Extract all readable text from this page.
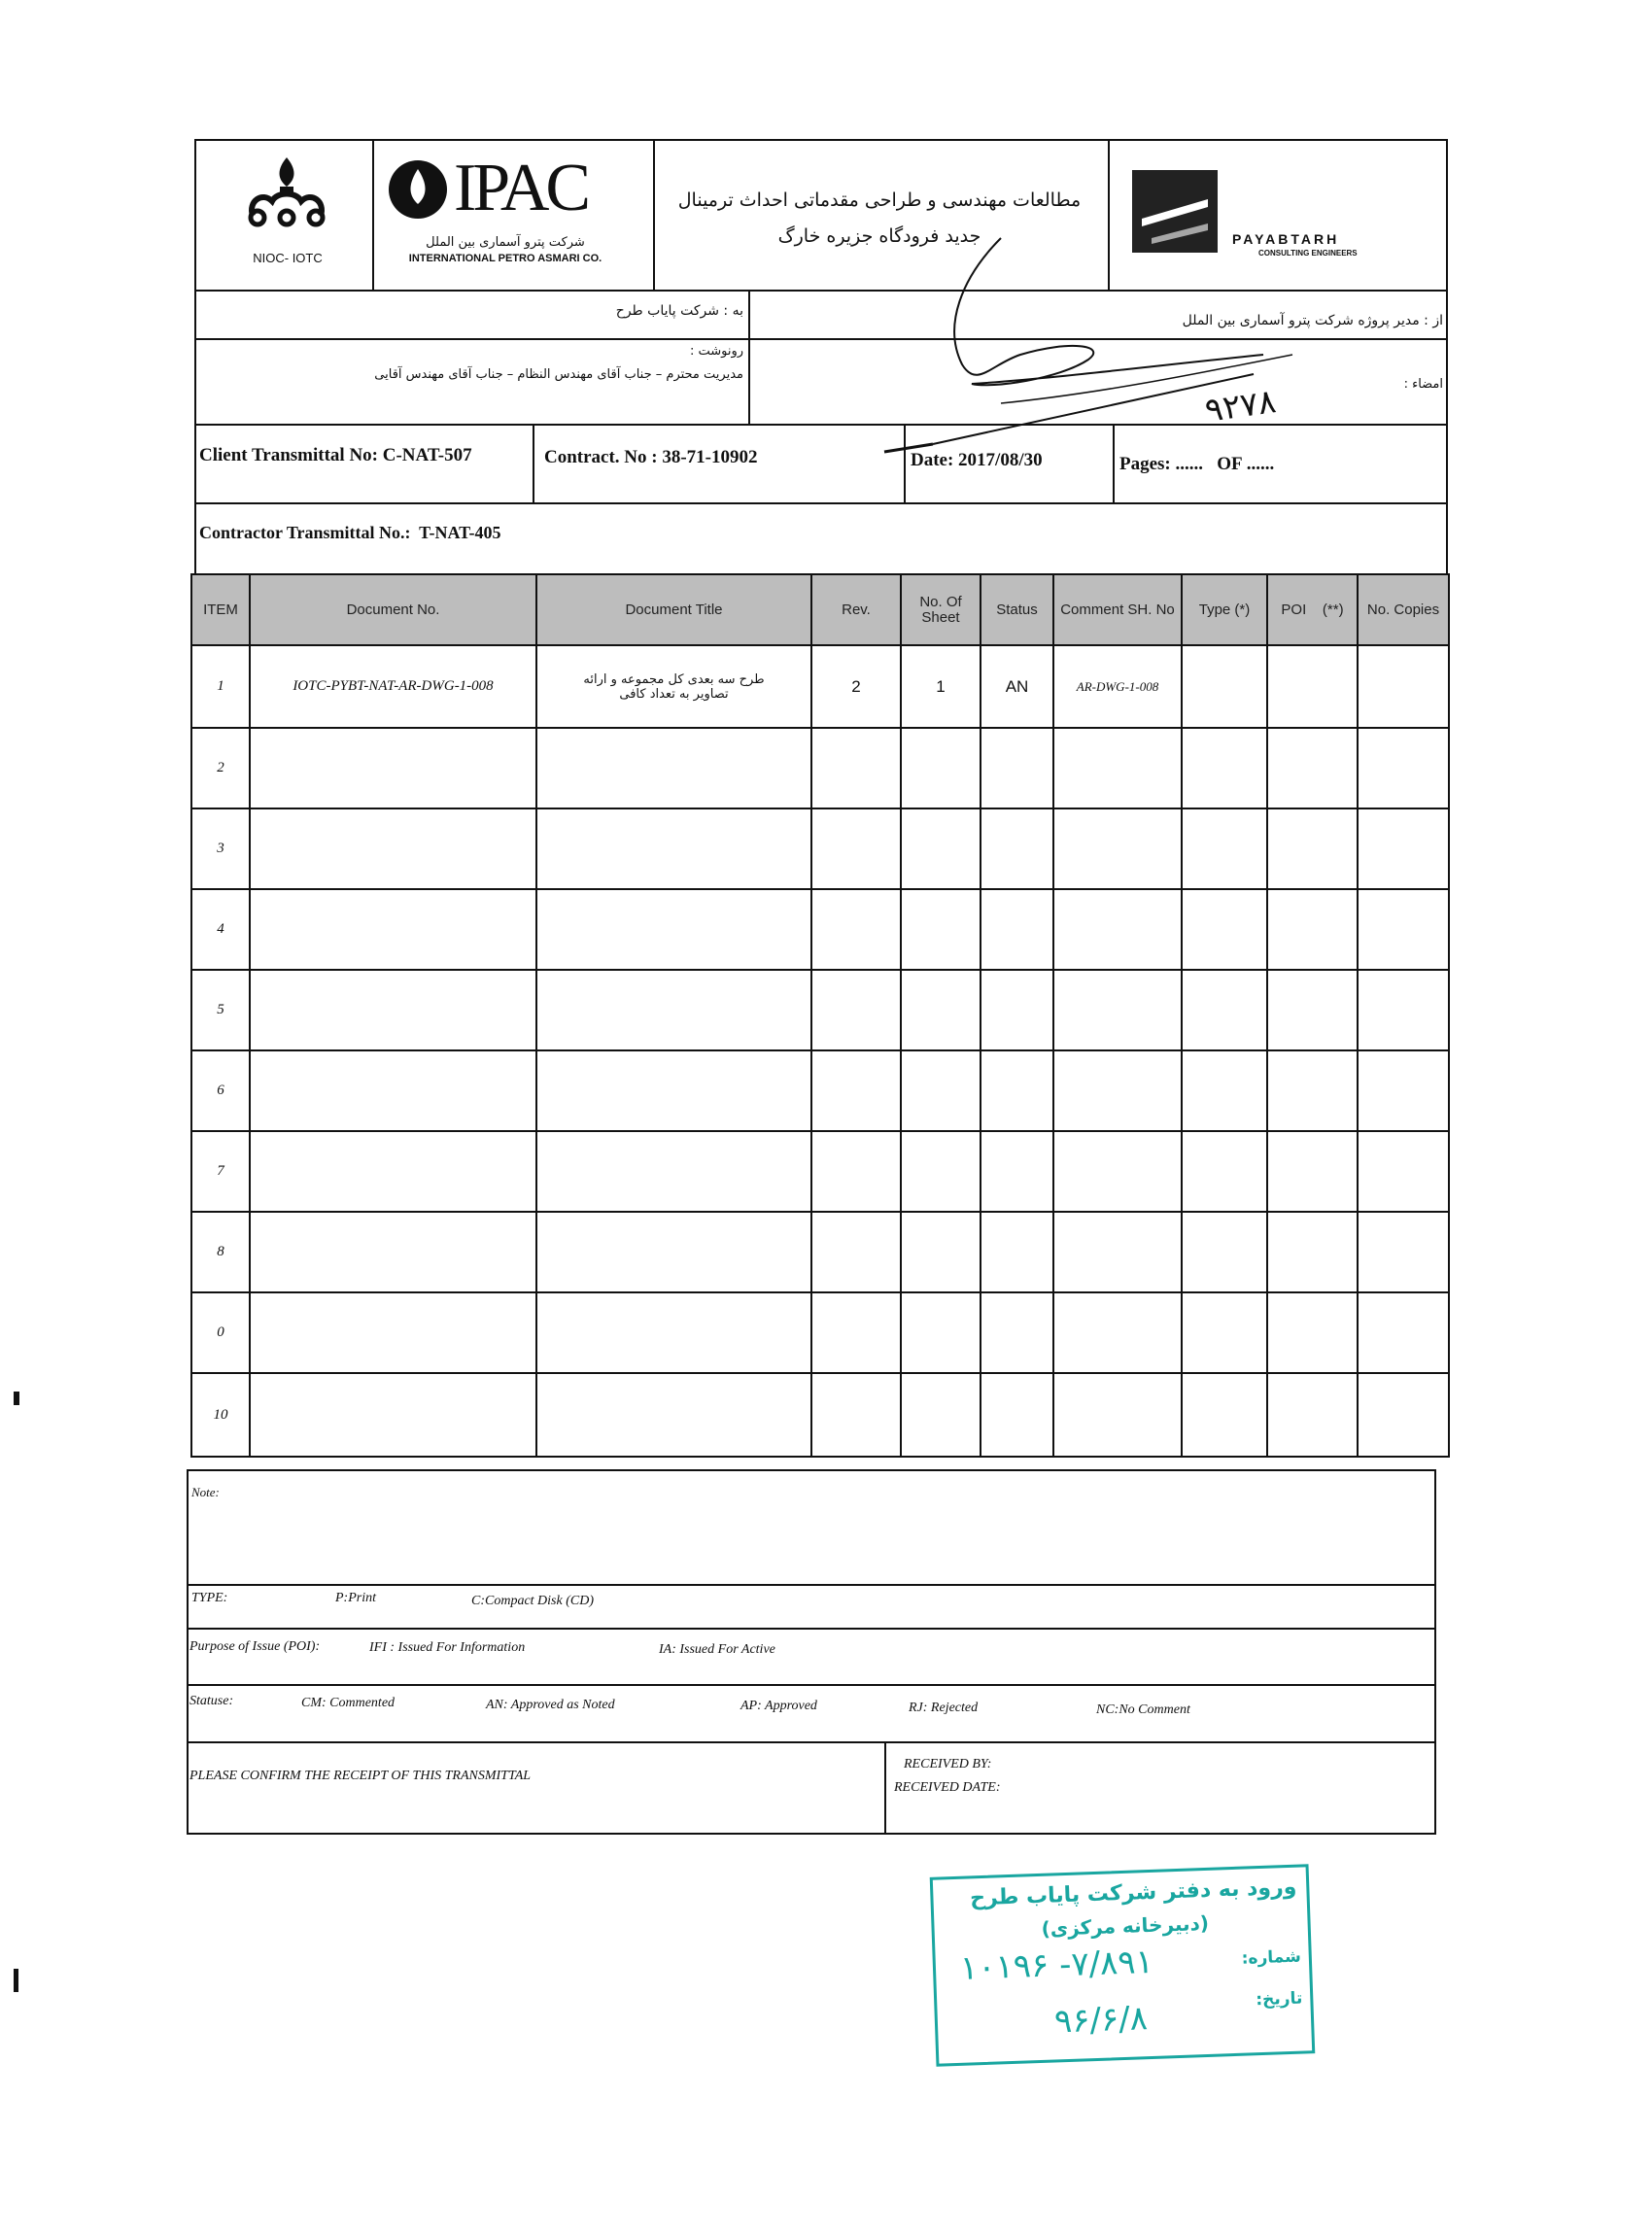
NIOC- IOTC
IPAC
شرکت پترو آسماری بین الملل
INTERNATIONAL PETRO ASMARI CO.
مطالعات مهندسی و طراحی مقدماتی احداث ترمینال
جدید فرودگاه جزیره خارگ	PAYABTARH
CONSULTING ENGINEERS
به : شرکت پایاب طرح
از : مدیر پروژه شرکت پترو آسماری بین الملل
رونوشت :
مدیریت محترم – جناب آقای مهندس النظام – جناب آقای مهندس آقایی
امضاء :
۹۲۷۸
Client Transmittal No: C-NAT-507	Contract. No : 38-71-10902	Date: 2017/08/30	Pages: ......   OF ......
Contractor Transmittal No.:  T-NAT-405
ITEM	Document No.	Document Title	Rev.	No. Of Sheet	Status	Comment SH. No	Type (*)	POI    (**)	No. Copies
1	IOTC-PYBT-NAT-AR-DWG-1-008	طرح سه بعدی کل مجموعه و ارائه تصاویر به تعداد کافی	2	1	AN	AR-DWG-1-008			
2									
3									
4									
5									
6									
7									
8									
0									
10									
Note:
TYPE:	P:Print	C:Compact Disk (CD)
Purpose of Issue (POI):	IFI : Issued For Information	IA: Issued For Active
Statuse:	CM: Commented	AN: Approved as Noted	AP: Approved	RJ: Rejected	NC:No Comment
PLEASE CONFIRM THE RECEIPT OF THIS TRANSMITTAL
RECEIVED BY:
RECEIVED DATE:
ورود به دفتر شرکت پایاب طرح
(دبیرخانه مرکزی)
شماره:
۱۰۱۹۶ -۷/۸۹۱
تاریخ:
۹۶/۶/۸
